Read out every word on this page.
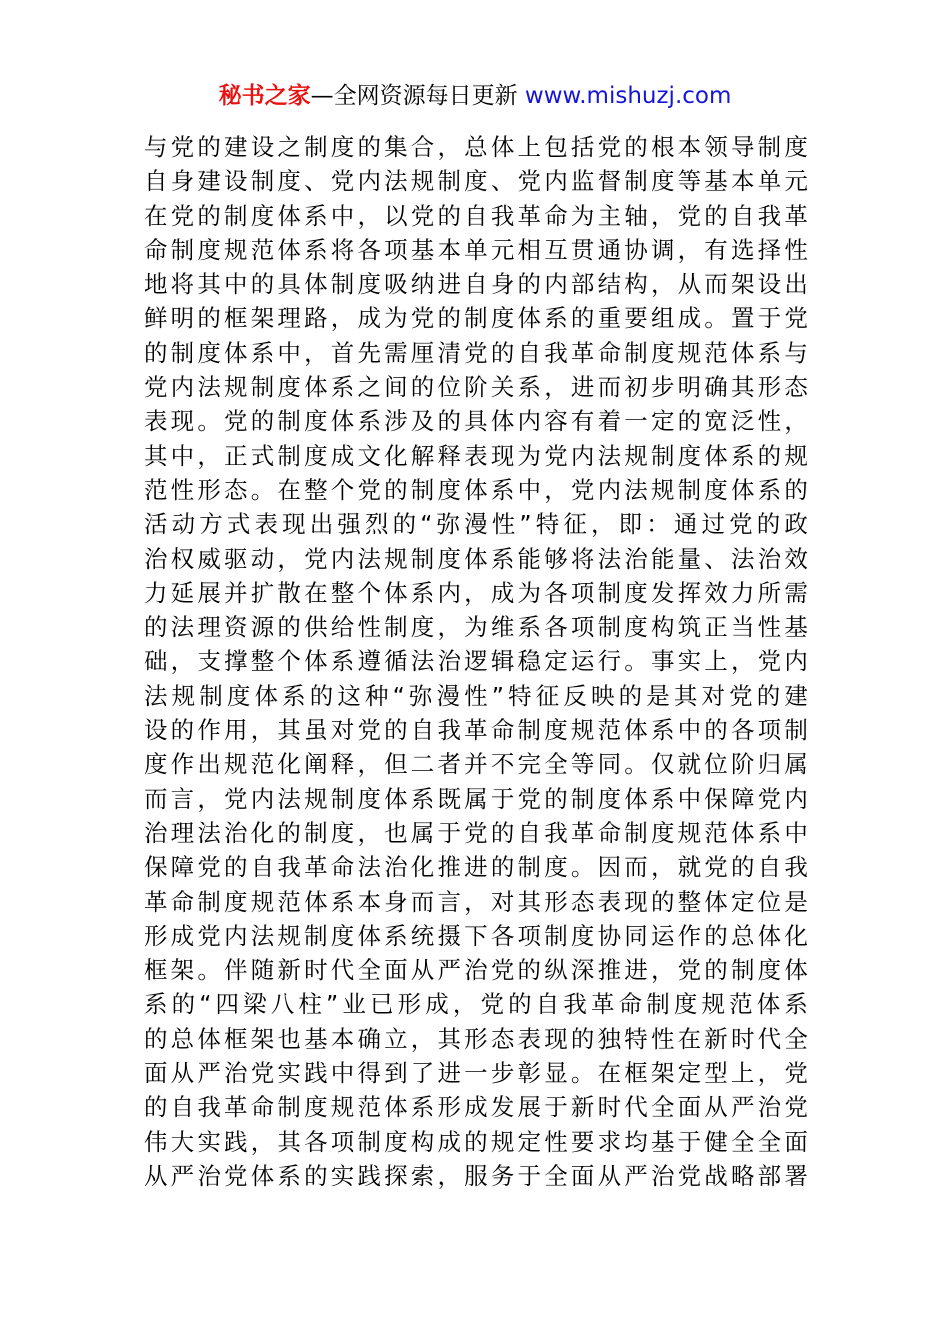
秘书之家—全网资源每日更新 www.mishuzj.com
与党的建设之制度的集合，总体上包括党的根本领导制度
自身建设制度、党内法规制度、党内监督制度等基本单元
在党的制度体系中，以党的自我革命为主轴，党的自我革
命制度规范体系将各项基本单元相互贯通协调，有选择性
地将其中的具体制度吸纳进自身的内部结构，从而架设出
鲜明的框架理路，成为党的制度体系的重要组成。置于党
的制度体系中，首先需厘清党的自我革命制度规范体系与
党内法规制度体系之间的位阶关系，进而初步明确其形态
表现。党的制度体系涉及的具体内容有着一定的宽泛性，
其中，正式制度成文化解释表现为党内法规制度体系的规
范性形态。在整个党的制度体系中，党内法规制度体系的
活动方式表现出强烈的“弥漫性”特征，即：通过党的政
治权威驱动，党内法规制度体系能够将法治能量、法治效
力延展并扩散在整个体系内，成为各项制度发挥效力所需
的法理资源的供给性制度，为维系各项制度构筑正当性基
础，支撑整个体系遵循法治逻辑稳定运行。事实上，党内
法规制度体系的这种“弥漫性”特征反映的是其对党的建
设的作用，其虽对党的自我革命制度规范体系中的各项制
度作出规范化阐释，但二者并不完全等同。仅就位阶归属
而言，党内法规制度体系既属于党的制度体系中保障党内
治理法治化的制度，也属于党的自我革命制度规范体系中
保障党的自我革命法治化推进的制度。因而，就党的自我
革命制度规范体系本身而言，对其形态表现的整体定位是
形成党内法规制度体系统摄下各项制度协同运作的总体化
框架。伴随新时代全面从严治党的纵深推进，党的制度体
系的“四梁八柱”业已形成，党的自我革命制度规范体系
的总体框架也基本确立，其形态表现的独特性在新时代全
面从严治党实践中得到了进一步彰显。在框架定型上，党
的自我革命制度规范体系形成发展于新时代全面从严治党
伟大实践，其各项制度构成的规定性要求均基于健全全面
从严治党体系的实践探索，服务于全面从严治党战略部署
